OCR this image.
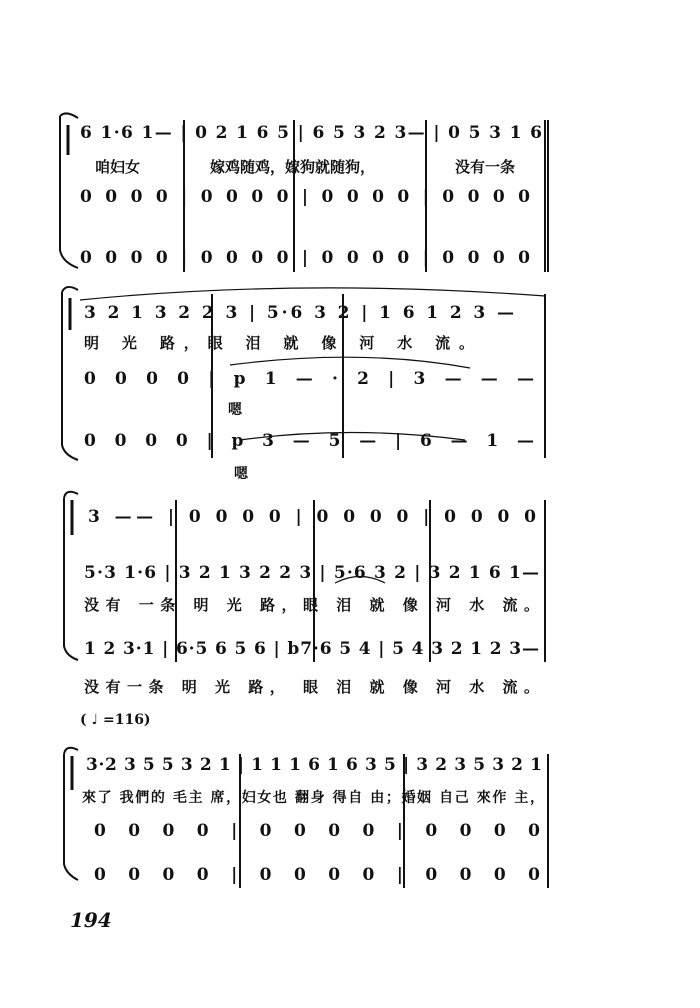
6 1·6 1— | 0 2 1 6 5 | 6 5 3 2 3— | 0 5 3 1 6
咱妇女	嫁鸡随鸡，嫁狗就随狗，	没有一条
0 0 0 0 | 0 0 0 0 | 0 0 0 0 | 0 0 0 0
0 0 0 0 | 0 0 0 0 | 0 0 0 0 | 0 0 0 0
3 2 1 3 2 2 3 | 5·6 3 2 | 1 6 1 2 3 —
明 光 路，眼 泪 就 像 河 水 流。
0 0 0 0 | p 1 — · 2 | 3 — — —
嗯
0 0 0 0 | p 3 — 5 — | 6 — 1 —
嗯
3 —— | 0 0 0 0 | 0 0 0 0 | 0 0 0 0
5·3 1·6 | 3 2 1 3 2 2 3 | 5·6 3 2 | 3 2 1 6 1—
没有 一条 明 光 路，眼 泪 就 像 河 水 流。
1 2 3·1 | 6·5 6 5 6 | b7·6 5 4 | 5 4 3 2 1 2 3—
没有一条 明 光 路， 眼 泪 就 像 河 水 流。
( ♩ =116)
3·2 3 5 5 3 2 1 | 1 1 1 6 1 6 3 5 | 3 2 3 5 3 2 1
來了 我們的 毛主 席，妇女也 翻身 得自 由；婚姻 自己 來作 主，
0 0 0 0 | 0 0 0 0 | 0 0 0 0
0 0 0 0 | 0 0 0 0 | 0 0 0 0
194
